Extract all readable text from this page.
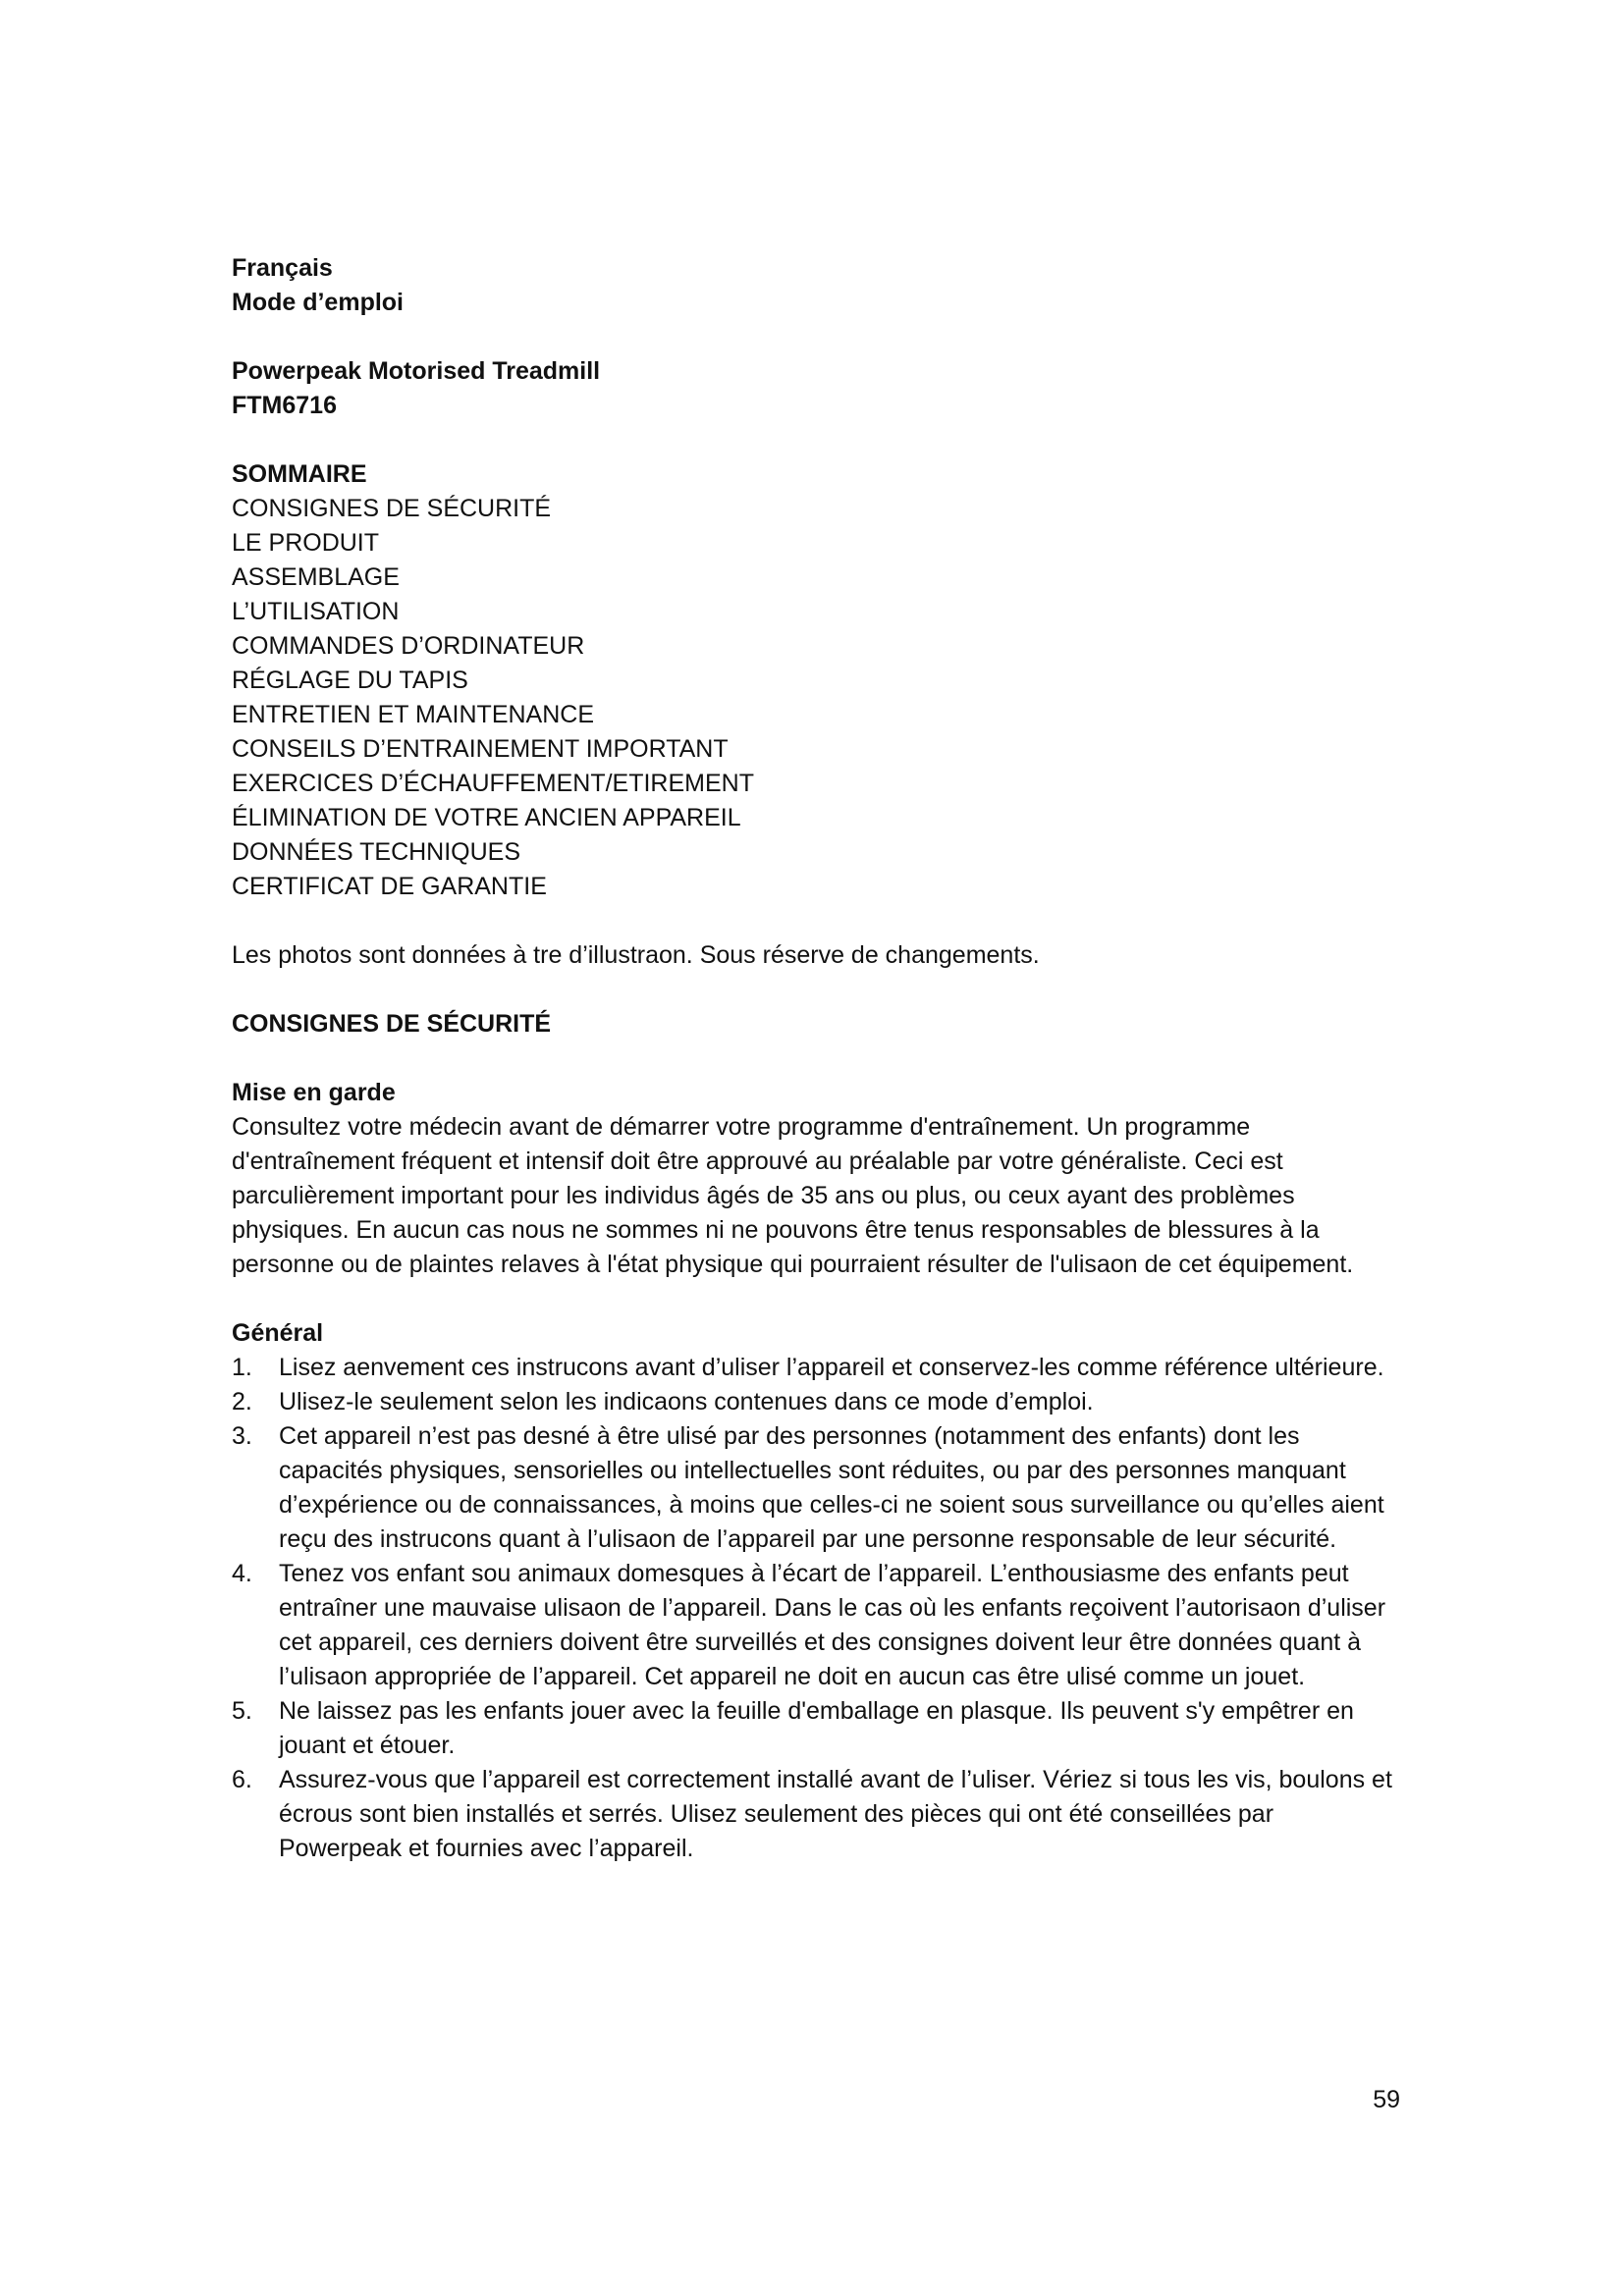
Français

Mode d’emploi

Powerpeak Motorised Treadmill

FTM6716

SOMMAIRE

CONSIGNES DE SÉCURITÉ
LE PRODUIT
ASSEMBLAGE
L’UTILISATION
COMMANDES D’ORDINATEUR
RÉGLAGE DU TAPIS
ENTRETIEN ET MAINTENANCE
CONSEILS D’ENTRAINEMENT IMPORTANT
EXERCICES D’ÉCHAUFFEMENT/ETIREMENT
ÉLIMINATION DE VOTRE ANCIEN APPAREIL
DONNÉES TECHNIQUES
CERTIFICAT DE GARANTIE

Les photos sont données à tre d’illustraon. Sous réserve de changements.

CONSIGNES DE SÉCURITÉ

Mise en garde

Consultez votre médecin avant de démarrer votre programme d'entraînement. Un programme d'entraînement fréquent et intensif doit être approuvé au préalable par votre généraliste. Ceci est parculièrement important pour les individus âgés de 35 ans ou plus, ou ceux ayant des problèmes physiques. En aucun cas nous ne sommes ni ne pouvons être tenus responsables de blessures à la personne ou de plaintes relaves à l'état physique qui pourraient résulter de l'ulisaon de cet équipement.

Général

1. Lisez aenvement ces instrucons avant d’uliser l’appareil et conservez-les comme référence ultérieure.
2. Ulisez-le seulement selon les indicaons contenues dans ce mode d’emploi.
3. Cet appareil n’est pas desné à être ulisé par des personnes (notamment des enfants) dont les capacités physiques, sensorielles ou intellectuelles sont réduites, ou par des personnes manquant d’expérience ou de connaissances, à moins que celles-ci ne soient sous surveillance ou qu’elles aient reçu des instrucons quant à l’ulisaon de l’appareil par une personne responsable de leur sécurité.
4. Tenez vos enfant sou animaux domesques à l’écart de l’appareil. L’enthousiasme des enfants peut entraîner une mauvaise ulisaon de l’appareil. Dans le cas où les enfants reçoivent l’autorisaon d’uliser cet appareil, ces derniers doivent être surveillés et des consignes doivent leur être données quant à l’ulisaon appropriée de l’appareil. Cet appareil ne doit en aucun cas être ulisé comme un jouet.
5. Ne laissez pas les enfants jouer avec la feuille d'emballage en plasque. Ils peuvent s'y empêtrer en jouant et étouer.
6. Assurez-vous que l’appareil est correctement installé avant de l’uliser. Vériez si tous les vis, boulons et écrous sont bien installés et serrés. Ulisez seulement des pièces qui ont été conseillées par Powerpeak et fournies avec l’appareil.
59
